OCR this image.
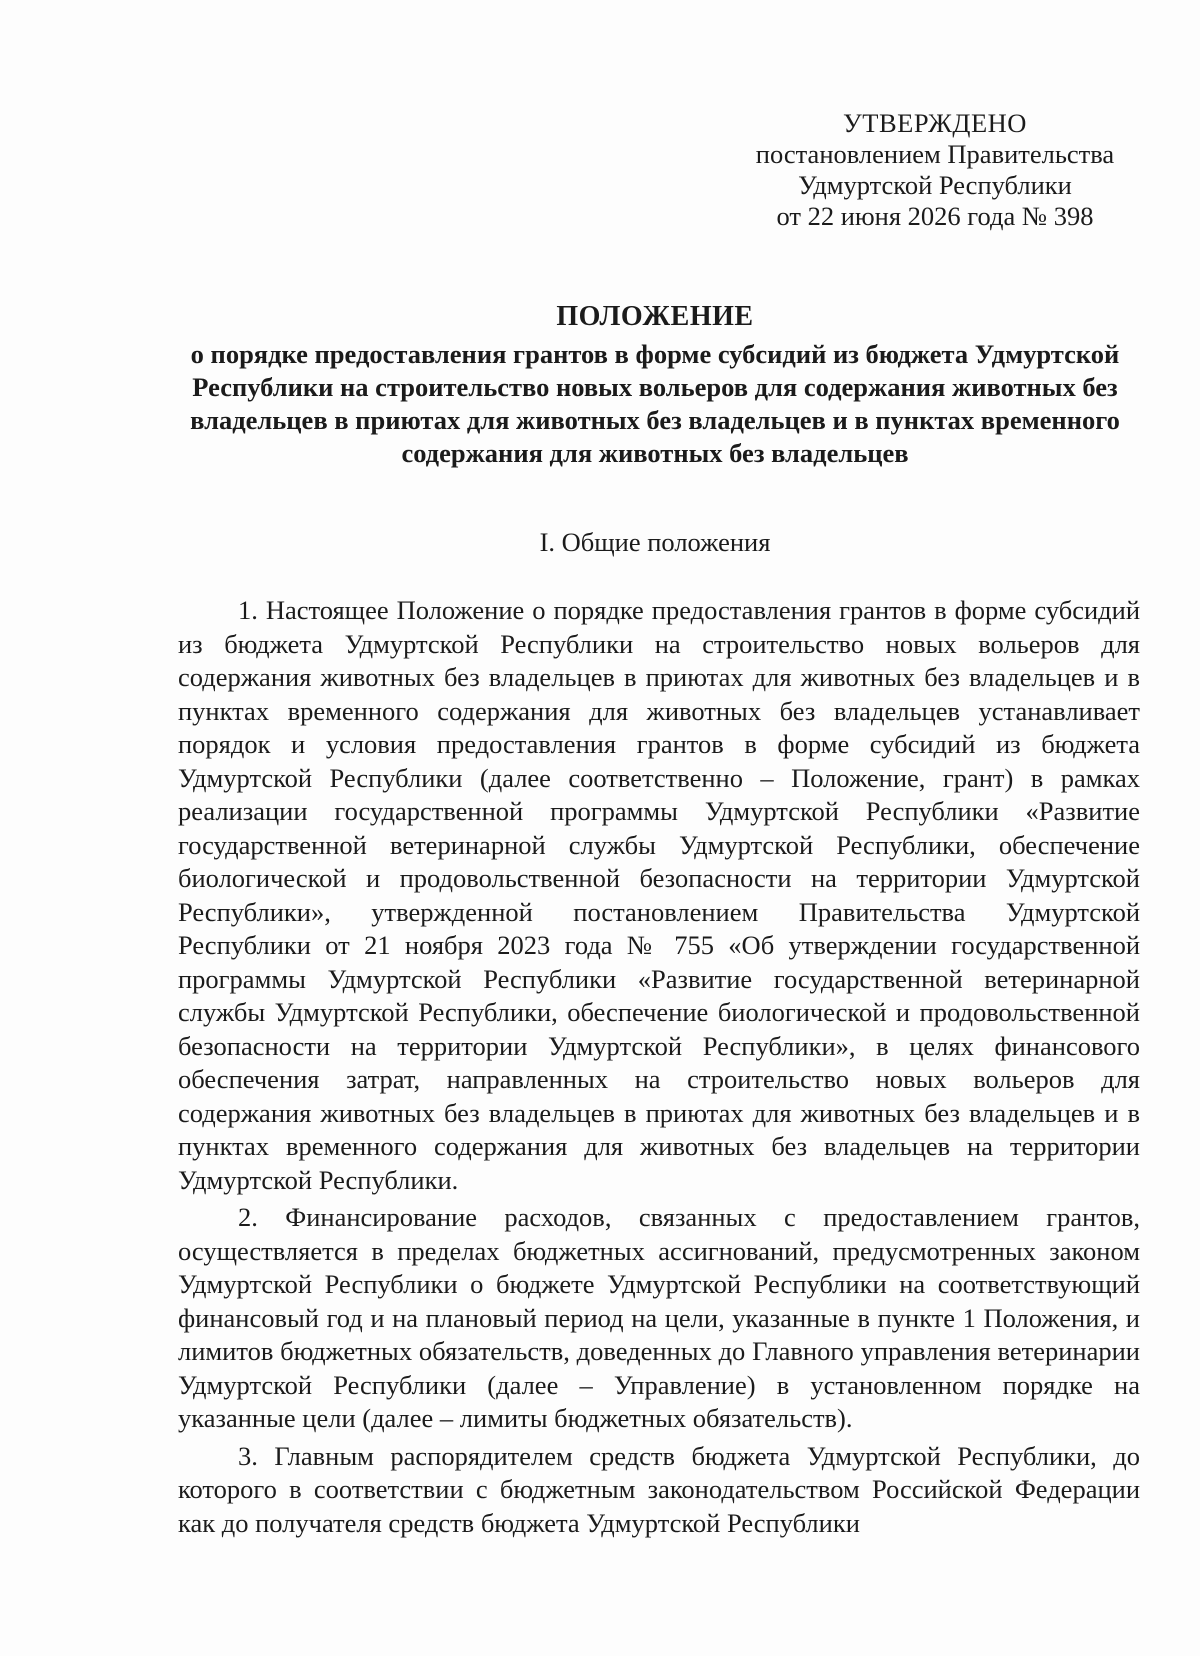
УТВЕРЖДЕНО
постановлением Правительства
Удмуртской Республики
от 22 июня 2026 года № 398
ПОЛОЖЕНИЕ
о порядке предоставления грантов в форме субсидий из бюджета Удмуртской Республики на строительство новых вольеров для содержания животных без владельцев в приютах для животных без владельцев и в пунктах временного содержания для животных без владельцев
I. Общие положения

1. Настоящее Положение о порядке предоставления грантов в форме субсидий из бюджета Удмуртской Республики на строительство новых вольеров для содержания животных без владельцев в приютах для животных без владельцев и в пунктах временного содержания для животных без владельцев устанавливает порядок и условия предоставления грантов в форме субсидий из бюджета Удмуртской Республики (далее соответственно – Положение, грант) в рамках реализации государственной программы Удмуртской Республики «Развитие государственной ветеринарной службы Удмуртской Республики, обеспечение биологической и продовольственной безопасности на территории Удмуртской Республики», утвержденной постановлением Правительства Удмуртской Республики от 21 ноября 2023 года № 755 «Об утверждении государственной программы Удмуртской Республики «Развитие государственной ветеринарной службы Удмуртской Республики, обеспечение биологической и продовольственной безопасности на территории Удмуртской Республики», в целях финансового обеспечения затрат, направленных на строительство новых вольеров для содержания животных без владельцев в приютах для животных без владельцев и в пунктах временного содержания для животных без владельцев на территории Удмуртской Республики.

2. Финансирование расходов, связанных с предоставлением грантов, осуществляется в пределах бюджетных ассигнований, предусмотренных законом Удмуртской Республики о бюджете Удмуртской Республики на соответствующий финансовый год и на плановый период на цели, указанные в пункте 1 Положения, и лимитов бюджетных обязательств, доведенных до Главного управления ветеринарии Удмуртской Республики (далее – Управление) в установленном порядке на указанные цели (далее – лимиты бюджетных обязательств).

3. Главным распорядителем средств бюджета Удмуртской Республики, до которого в соответствии с бюджетным законодательством Российской Федерации как до получателя средств бюджета Удмуртской Республики
